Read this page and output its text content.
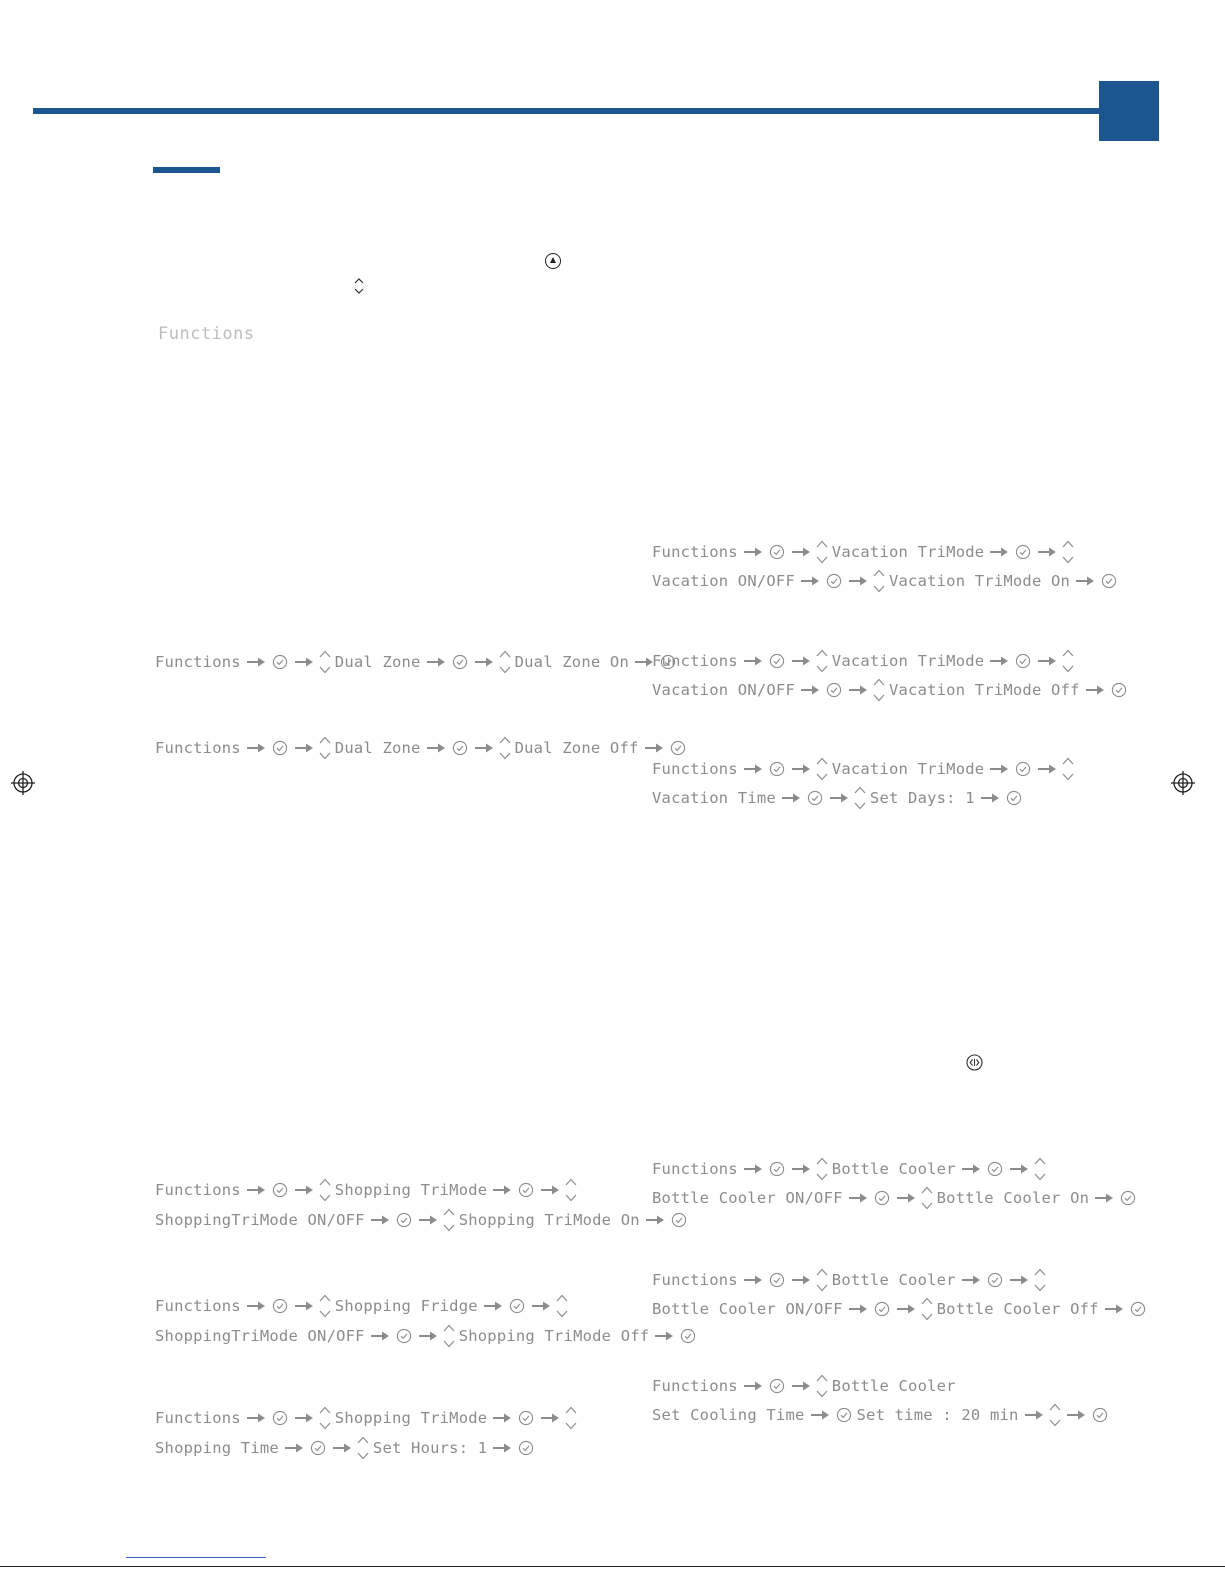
Functions
Functions	Dual Zone	Dual Zone On
Functions	Dual Zone	Dual Zone Off
Functions	Shopping TriMode
ShoppingTriMode ON/OFF	Shopping TriMode On
Functions	Shopping Fridge
ShoppingTriMode ON/OFF	Shopping TriMode Off
Functions	Shopping TriMode
Shopping Time	Set Hours: 1
Functions	Vacation TriMode
Vacation ON/OFF	Vacation TriMode On
Functions	Vacation TriMode
Vacation ON/OFF	Vacation TriMode Off
Functions	Vacation TriMode
Vacation Time	Set Days: 1
Functions	Bottle Cooler
Bottle Cooler ON/OFF	Bottle Cooler On
Functions	Bottle Cooler
Bottle Cooler ON/OFF	Bottle Cooler Off
Functions	Bottle Cooler
Set Cooling Time	Set time : 20 min
